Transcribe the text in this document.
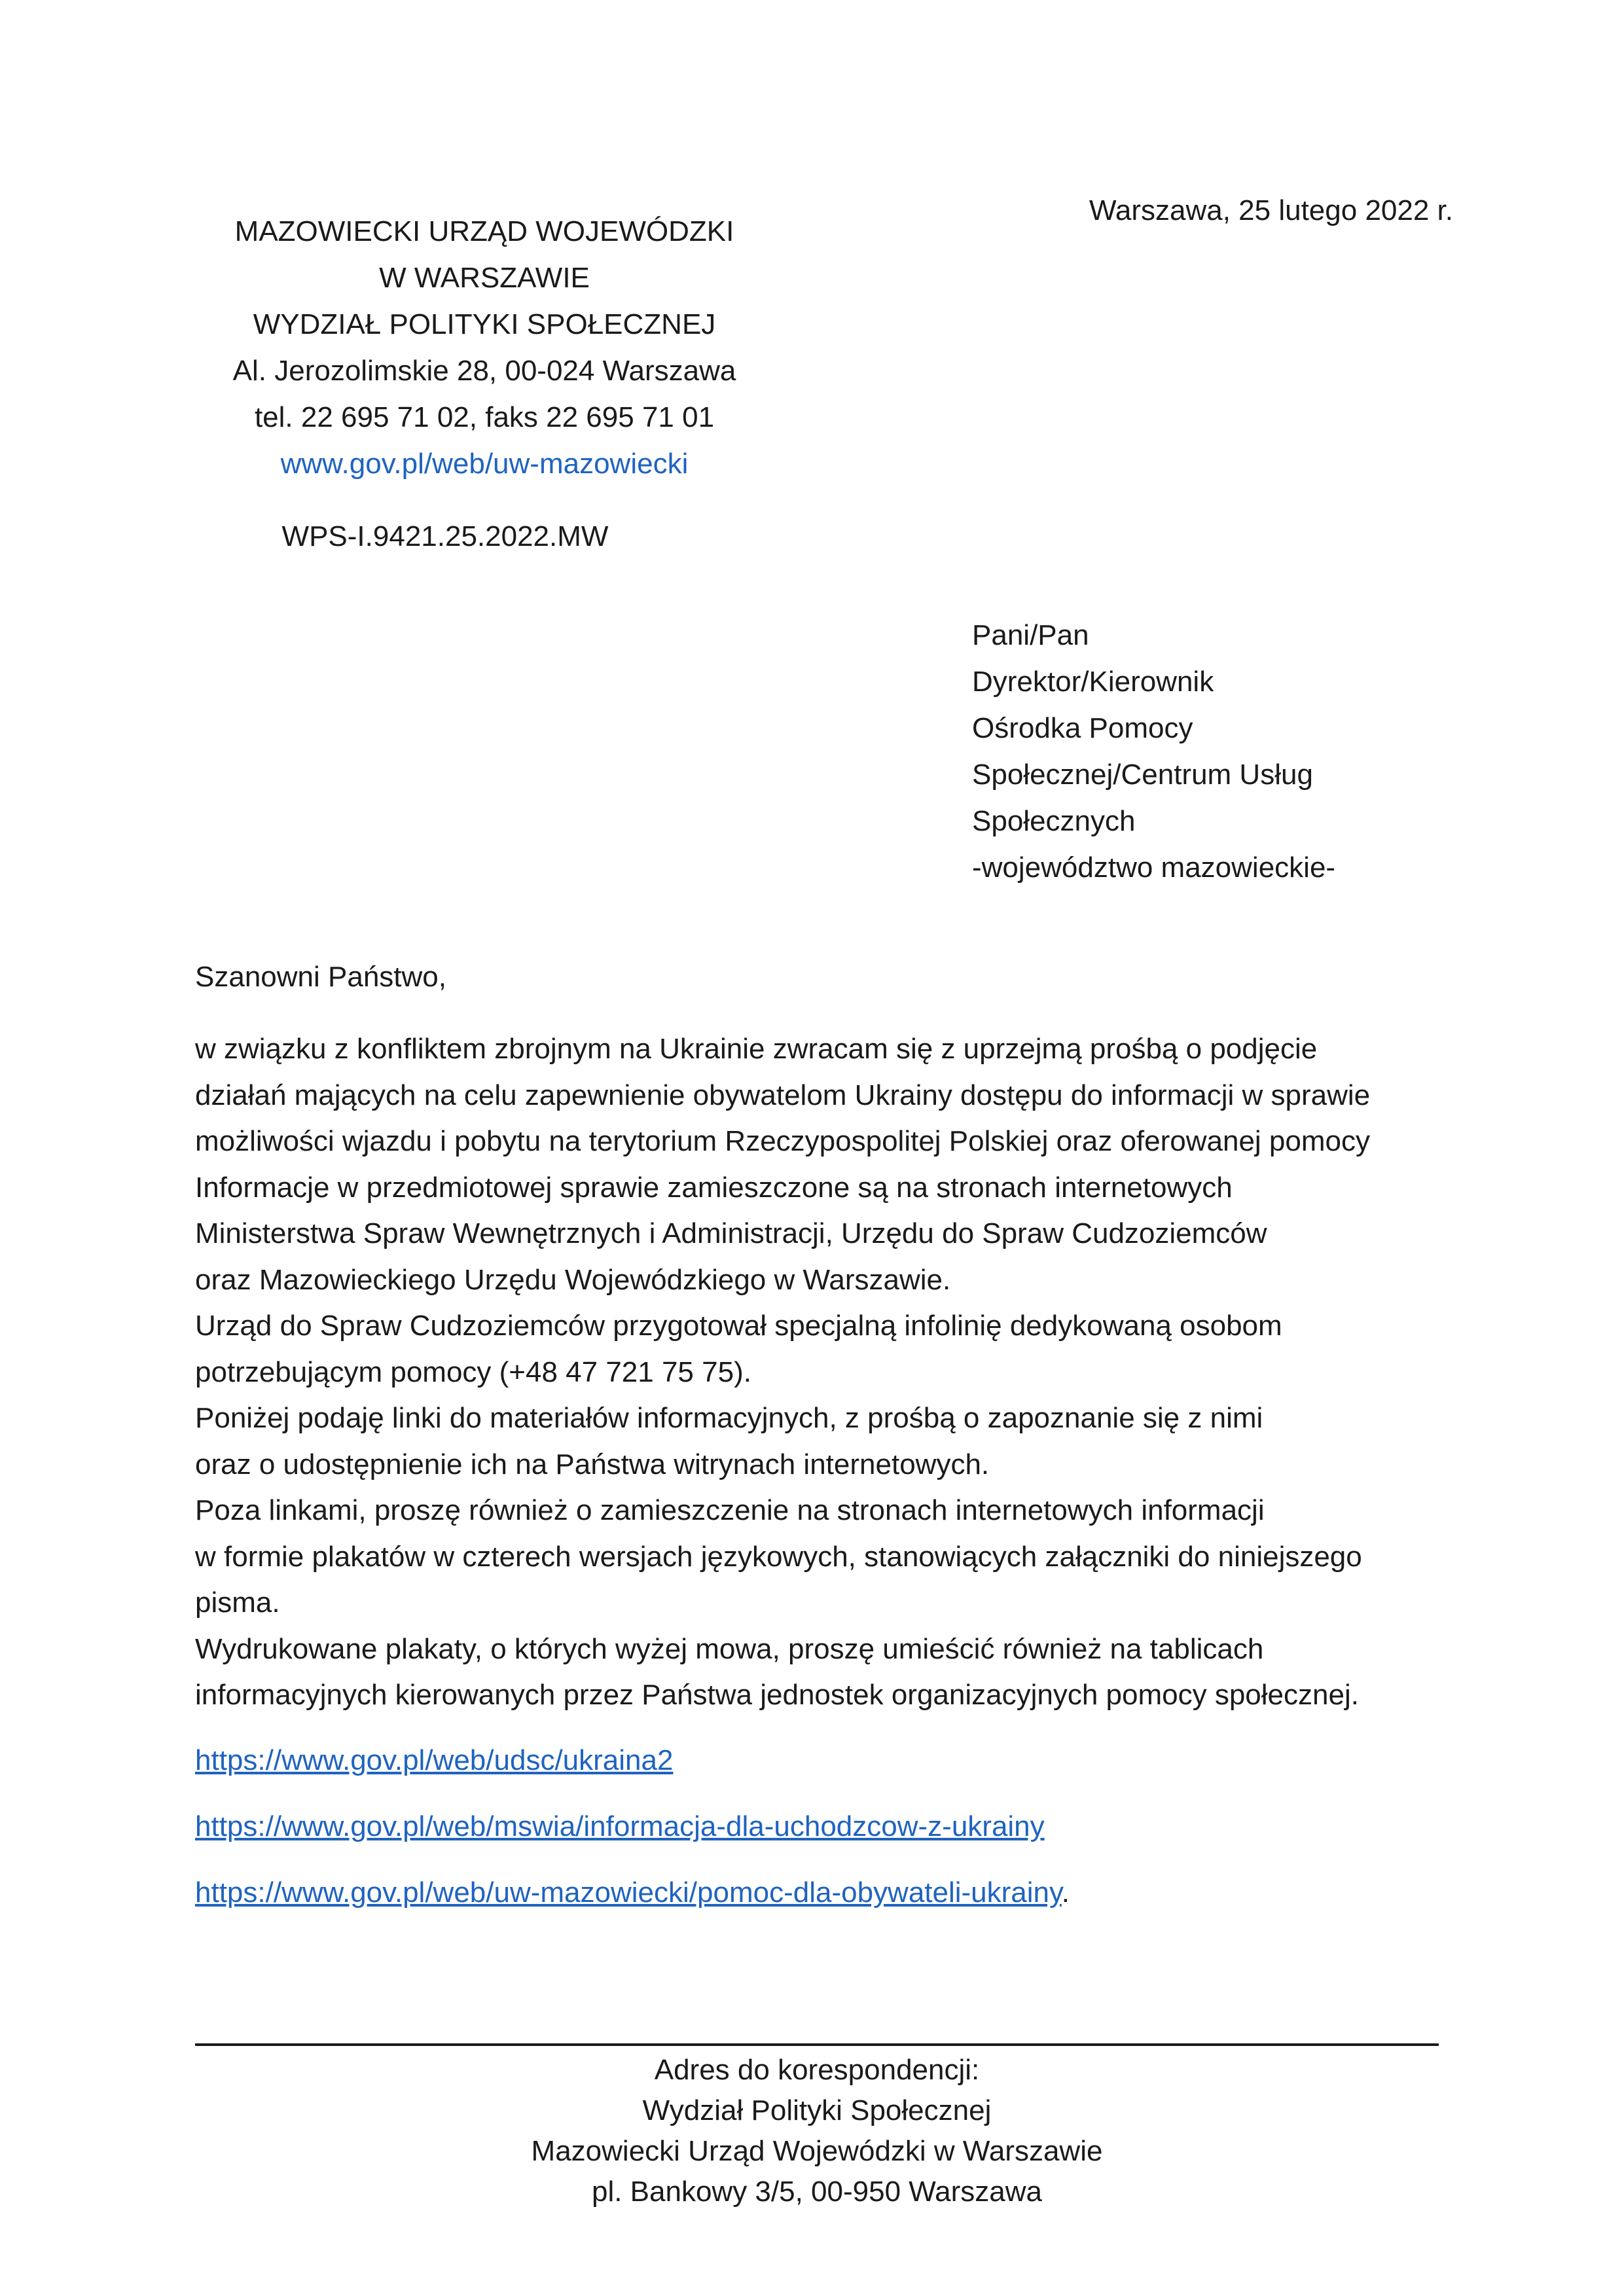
MAZOWIECKI URZĄD WOJEWÓDZKI
W WARSZAWIE
WYDZIAŁ POLITYKI SPOŁECZNEJ
Al. Jerozolimskie 28, 00-024 Warszawa
tel. 22 695 71 02, faks 22 695 71 01
www.gov.pl/web/uw-mazowiecki
Warszawa, 25 lutego 2022 r.
WPS-I.9421.25.2022.MW
Pani/Pan
Dyrektor/Kierownik
Ośrodka Pomocy
Społecznej/Centrum Usług
Społecznych
-województwo mazowieckie-
Szanowni Państwo,
w związku z konfliktem zbrojnym na Ukrainie zwracam się z uprzejmą prośbą o podjęcie
działań mających na celu zapewnienie obywatelom Ukrainy dostępu do informacji w sprawie
możliwości wjazdu i pobytu na terytorium Rzeczypospolitej Polskiej oraz oferowanej pomocy
Informacje w przedmiotowej sprawie zamieszczone są na stronach internetowych
Ministerstwa Spraw Wewnętrznych i Administracji, Urzędu do Spraw Cudzoziemców
oraz Mazowieckiego Urzędu Wojewódzkiego w Warszawie.
Urząd do Spraw Cudzoziemców przygotował specjalną infolinię dedykowaną osobom
potrzebującym pomocy (+48 47 721 75 75).
Poniżej podaję linki do materiałów informacyjnych, z prośbą o zapoznanie się z nimi
oraz o udostępnienie ich na Państwa witrynach internetowych.
Poza linkami, proszę również o zamieszczenie na stronach internetowych informacji
w formie plakatów w czterech wersjach językowych, stanowiących załączniki do niniejszego
pisma.
Wydrukowane plakaty, o których wyżej mowa, proszę umieścić również na tablicach
informacyjnych kierowanych przez Państwa jednostek organizacyjnych pomocy społecznej.
https://www.gov.pl/web/udsc/ukraina2
https://www.gov.pl/web/mswia/informacja-dla-uchodzcow-z-ukrainy
https://www.gov.pl/web/uw-mazowiecki/pomoc-dla-obywateli-ukrainy.
Adres do korespondencji:
Wydział Polityki Społecznej
Mazowiecki Urząd Wojewódzki w Warszawie
pl. Bankowy 3/5, 00-950 Warszawa
